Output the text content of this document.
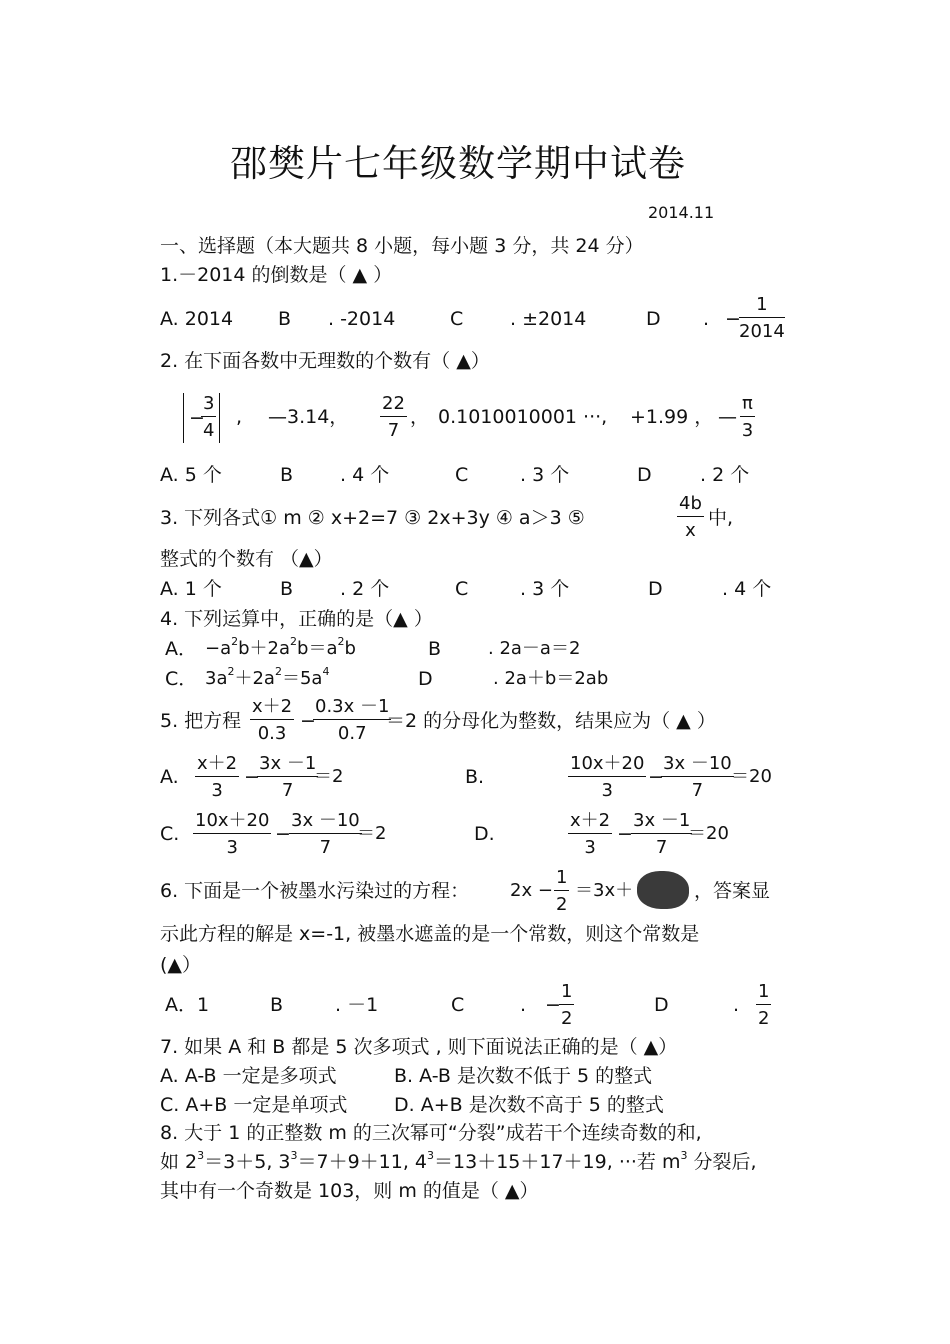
邵樊片七年级数学期中试卷
2014.11
一、选择题（本大题共 8 小题，每小题 3 分，共 24 分）
1.－2014 的倒数是（ ▲ ）
A. 2014 B . -2014	C . ±2014	D . −
$\frac{1}{2014}$
2. 在下面各数中无理数的个数有（ ▲）
−
$\frac{3}{4}$ , —3.14， $\frac{22}{7}$ ， 0.1010010001 ···, +1.99 ， — $\frac{\pi}{3}$
A. 5 个	B . 4 个	C	. 3 个	D	. 2 个
3. 下列各式① m ② x+2=7 ③ 2x+3y ④ a＞3 ⑤	$\frac{4b}{x}$ 中,
整式的个数有 （▲）
A. 1 个	B . 2 个	C	. 3 个	D	. 4 个
4. 下列运算中，正确的是（▲ ）
A． $-a^2b+2a^2b=a^2b$	B	. 2a－a＝2
C． $3a^2+2a^2=5a^4$	D	. 2a＋b＝2ab
5. 把方程 $\frac{x+2}{0.3}$ −
$\frac{0.3x -1}{0.7}$
＝2 的分母化为整数，结果应为（ ▲ ）
A. $\frac{x+2}{3}$ −
$\frac{3x -1}{7}$
＝2	B.	$\frac{10x+20}{3}$ −
$\frac{3x -10}{7}$
＝20
C. $\frac{10x+20}{3}$ −
$\frac{3x -10}{7}$
＝2	D.	$\frac{x+2}{3}$ −
$\frac{3x -1}{7}$
＝20
6. 下面是一个被墨水污染过的方程： $2x - \frac{1}{2} =3x+$	，答案显
示此方程的解是 x=-1, 被墨水遮盖的是一个常数，则这个常数是
(▲）
A．1	B	. －1	C	. −
$\frac{1}{2}$	D	. $\frac{1}{2}$
7. 如果 A 和 B 都是 5 次多项式 , 则下面说法正确的是（ ▲）
A. A-B 一定是多项式	B. A-B 是次数不低于 5 的整式
C. A+B 一定是单项式 D. A+B 是次数不高于 5 的整式
8. 大于 1 的正整数 m 的三次幂可“分裂”成若干个连续奇数的和,
如 $2^3=3+5$, $3^3=7+9+11$, $4^3=13+15+17+19$, ···若 $m^3$ 分裂后,
其中有一个奇数是 103，则 m 的值是（ ▲）
